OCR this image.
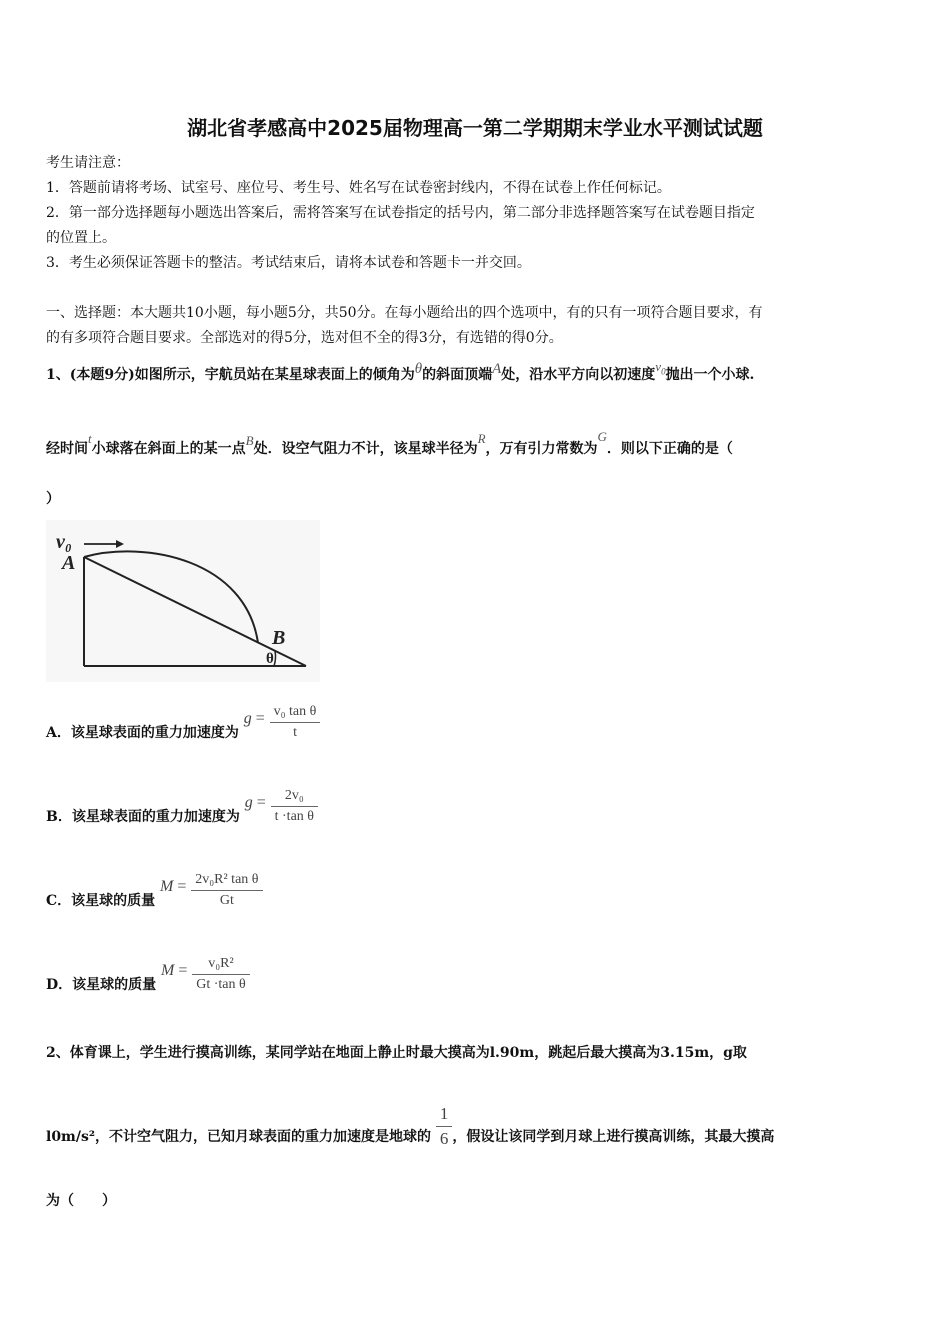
湖北省孝感高中2025届物理高一第二学期期末学业水平测试试题
考生请注意：
1．答题前请将考场、试室号、座位号、考生号、姓名写在试卷密封线内，不得在试卷上作任何标记。
2．第一部分选择题每小题选出答案后，需将答案写在试卷指定的括号内，第二部分非选择题答案写在试卷题目指定
的位置上。
3．考生必须保证答题卡的整洁。考试结束后，请将本试卷和答题卡一并交回。
一、选择题：本大题共10小题，每小题5分，共50分。在每小题给出的四个选项中，有的只有一项符合题目要求，有
的有多项符合题目要求。全部选对的得5分，选对但不全的得3分，有选错的得0分。
1、(本题9分)如图所示，宇航员站在某星球表面上的倾角为θ的斜面顶端A处，沿水平方向以初速度$v_0$抛出一个小球.
经时间t小球落在斜面上的某一点B处．设空气阻力不计，该星球半径为R，万有引力常数为G．则以下正确的是（
）
v₀
A
B
θ
A．该星球表面的重力加速度为 $g = \frac{\text{v₀ tan θ}}{t}$
B．该星球表面的重力加速度为 $g = \frac{\text{2v₀}}{\text{t ·tan θ}}$
C．该星球的质量 $M = \frac{\text{2v₀R² tan θ}}{Gt}$
D．该星球的质量 $M = \frac{\text{v₀R²}}{\text{Gt ·tan θ}}$
2、体育课上，学生进行摸高训练，某同学站在地面上静止时最大摸高为l.90m，跳起后最大摸高为3.15m，g取
l0m/s²，不计空气阻力，已知月球表面的重力加速度是地球的 $\frac{1}{6}$ ，假设让该同学到月球上进行摸高训练，其最大摸高
为（　　）
